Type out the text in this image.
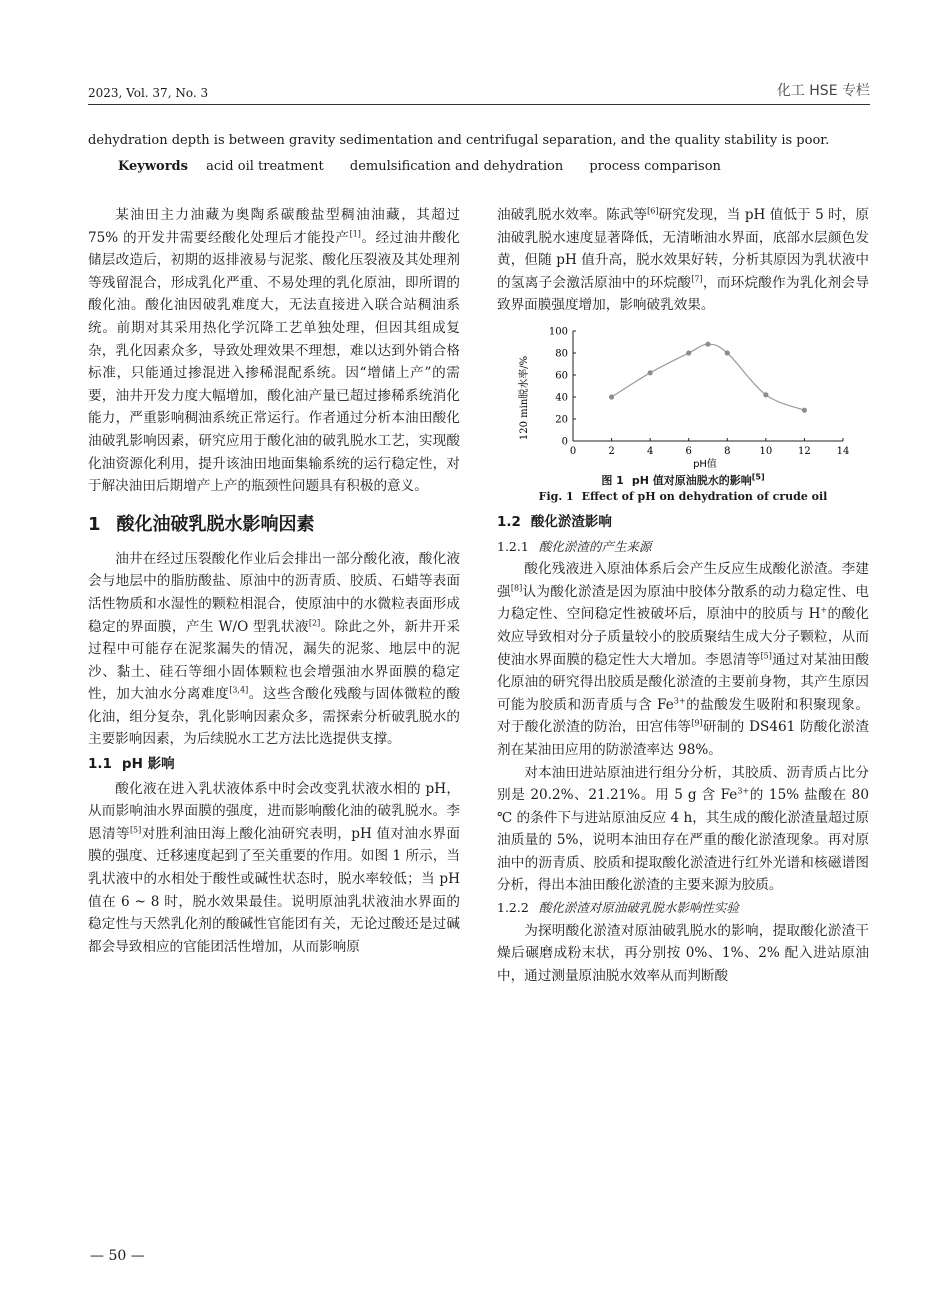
2023, Vol. 37, No. 3	化工 HSE 专栏
dehydration depth is between gravity sedimentation and centrifugal separation, and the quality stability is poor.
Keywords acid oil treatment demulsification and dehydration process comparison

某油田主力油藏为奥陶系碳酸盐型稠油油藏，其超过 75% 的开发井需要经酸化处理后才能投产[1]。经过油井酸化储层改造后，初期的返排液易与泥浆、酸化压裂液及其处理剂等残留混合，形成乳化严重、不易处理的乳化原油，即所谓的酸化油。酸化油因破乳难度大，无法直接进入联合站稠油系统。前期对其采用热化学沉降工艺单独处理，但因其组成复杂，乳化因素众多，导致处理效果不理想，难以达到外销合格标准，只能通过掺混进入掺稀混配系统。因“增储上产”的需要，油井开发力度大幅增加，酸化油产量已超过掺稀系统消化能力，严重影响稠油系统正常运行。作者通过分析本油田酸化油破乳影响因素，研究应用于酸化油的破乳脱水工艺，实现酸化油资源化利用，提升该油田地面集输系统的运行稳定性，对于解决油田后期增产上产的瓶颈性问题具有积极的意义。

1 酸化油破乳脱水影响因素

油井在经过压裂酸化作业后会排出一部分酸化液，酸化液会与地层中的脂肪酸盐、原油中的沥青质、胶质、石蜡等表面活性物质和水湿性的颗粒相混合，使原油中的水微粒表面形成稳定的界面膜，产生 W/O 型乳状液[2]。除此之外，新井开采过程中可能存在泥浆漏失的情况，漏失的泥浆、地层中的泥沙、黏土、硅石等细小固体颗粒也会增强油水界面膜的稳定性，加大油水分离难度[3,4]。这些含酸化残酸与固体微粒的酸化油，组分复杂，乳化影响因素众多，需探索分析破乳脱水的主要影响因素，为后续脱水工艺方法比选提供支撑。

1.1 pH 影响

酸化液在进入乳状液体系中时会改变乳状液水相的 pH，从而影响油水界面膜的强度，进而影响酸化油的破乳脱水。李恩清等[5]对胜利油田海上酸化油研究表明，pH 值对油水界面膜的强度、迁移速度起到了至关重要的作用。如图 1 所示，当乳状液中的水相处于酸性或碱性状态时，脱水率较低；当 pH 值在 6 ~ 8 时，脱水效果最佳。说明原油乳状液油水界面的稳定性与天然乳化剂的酸碱性官能团有关，无论过酸还是过碱都会导致相应的官能团活性增加，从而影响原

油破乳脱水效率。陈武等[6]研究发现，当 pH 值低于 5 时，原油破乳脱水速度显著降低，无清晰油水界面，底部水层颜色发黄，但随 pH 值升高，脱水效果好转，分析其原因为乳状液中的氢离子会激活原油中的环烷酸[7]，而环烷酸作为乳化剂会导致界面膜强度增加，影响破乳效果。

120 min脱水率/%
pH值
0	2	4	6	8	10	12	14
0
20
40
60
80
100
图 1 pH 值对原油脱水的影响[5]
Fig. 1 Effect of pH on dehydration of crude oil
1.2 酸化淤渣影响
1.2.1 酸化淤渣的产生来源

酸化残液进入原油体系后会产生反应生成酸化淤渣。李建强[8]认为酸化淤渣是因为原油中胶体分散系的动力稳定性、电力稳定性、空间稳定性被破坏后，原油中的胶质与 H+的酸化效应导致相对分子质量较小的胶质聚结生成大分子颗粒，从而使油水界面膜的稳定性大大增加。李恩清等[5]通过对某油田酸化原油的研究得出胶质是酸化淤渣的主要前身物，其产生原因可能为胶质和沥青质与含 $Fe^{3+}$的盐酸发生吸附和积聚现象。对于酸化淤渣的防治，田宫伟等[9]研制的 DS461 防酸化淤渣剂在某油田应用的防淤渣率达 98%。

对本油田进站原油进行组分分析，其胶质、沥青质占比分别是 20.2%、21.21%。用 5 g 含 $Fe^{3+}$的 15% 盐酸在 80 ℃ 的条件下与进站原油反应 4 h，其生成的酸化淤渣量超过原油质量的 5%，说明本油田存在严重的酸化淤渣现象。再对原油中的沥青质、胶质和提取酸化淤渣进行红外光谱和核磁谱图分析，得出本油田酸化淤渣的主要来源为胶质。

1.2.2 酸化淤渣对原油破乳脱水影响性实验

为探明酸化淤渣对原油破乳脱水的影响，提取酸化淤渣干燥后碾磨成粉末状，再分别按 0%、1%、2% 配入进站原油中，通过测量原油脱水效率从而判断酸

— 50 —
